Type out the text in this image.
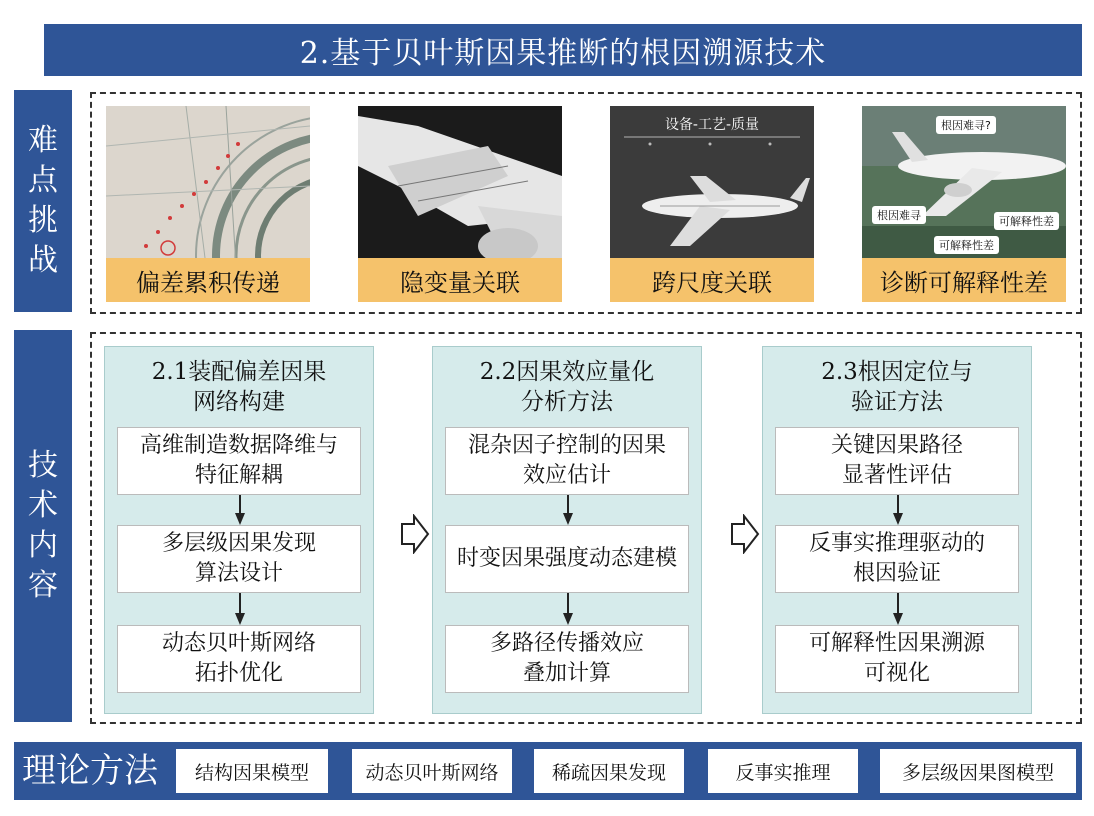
2.基于贝叶斯因果推断的根因溯源技术
难
点
挑
战
技
术
内
容
偏差累积传递	隐变量关联
设备-工艺-质量
跨尺度关联
根因难寻?
根因难寻	可解释性差
可解释性差
诊断可解释性差
2.1装配偏差因果
网络构建
高维制造数据降维与
特征解耦
多层级因果发现
算法设计
动态贝叶斯网络
拓扑优化
2.2因果效应量化
分析方法
混杂因子控制的因果
效应估计
时变因果强度动态建模
多路径传播效应
叠加计算
2.3根因定位与
验证方法
关键因果路径
显著性评估
反事实推理驱动的
根因验证
可解释性因果溯源
可视化
理论方法	结构因果模型	动态贝叶斯网络	稀疏因果发现	反事实推理	多层级因果图模型
